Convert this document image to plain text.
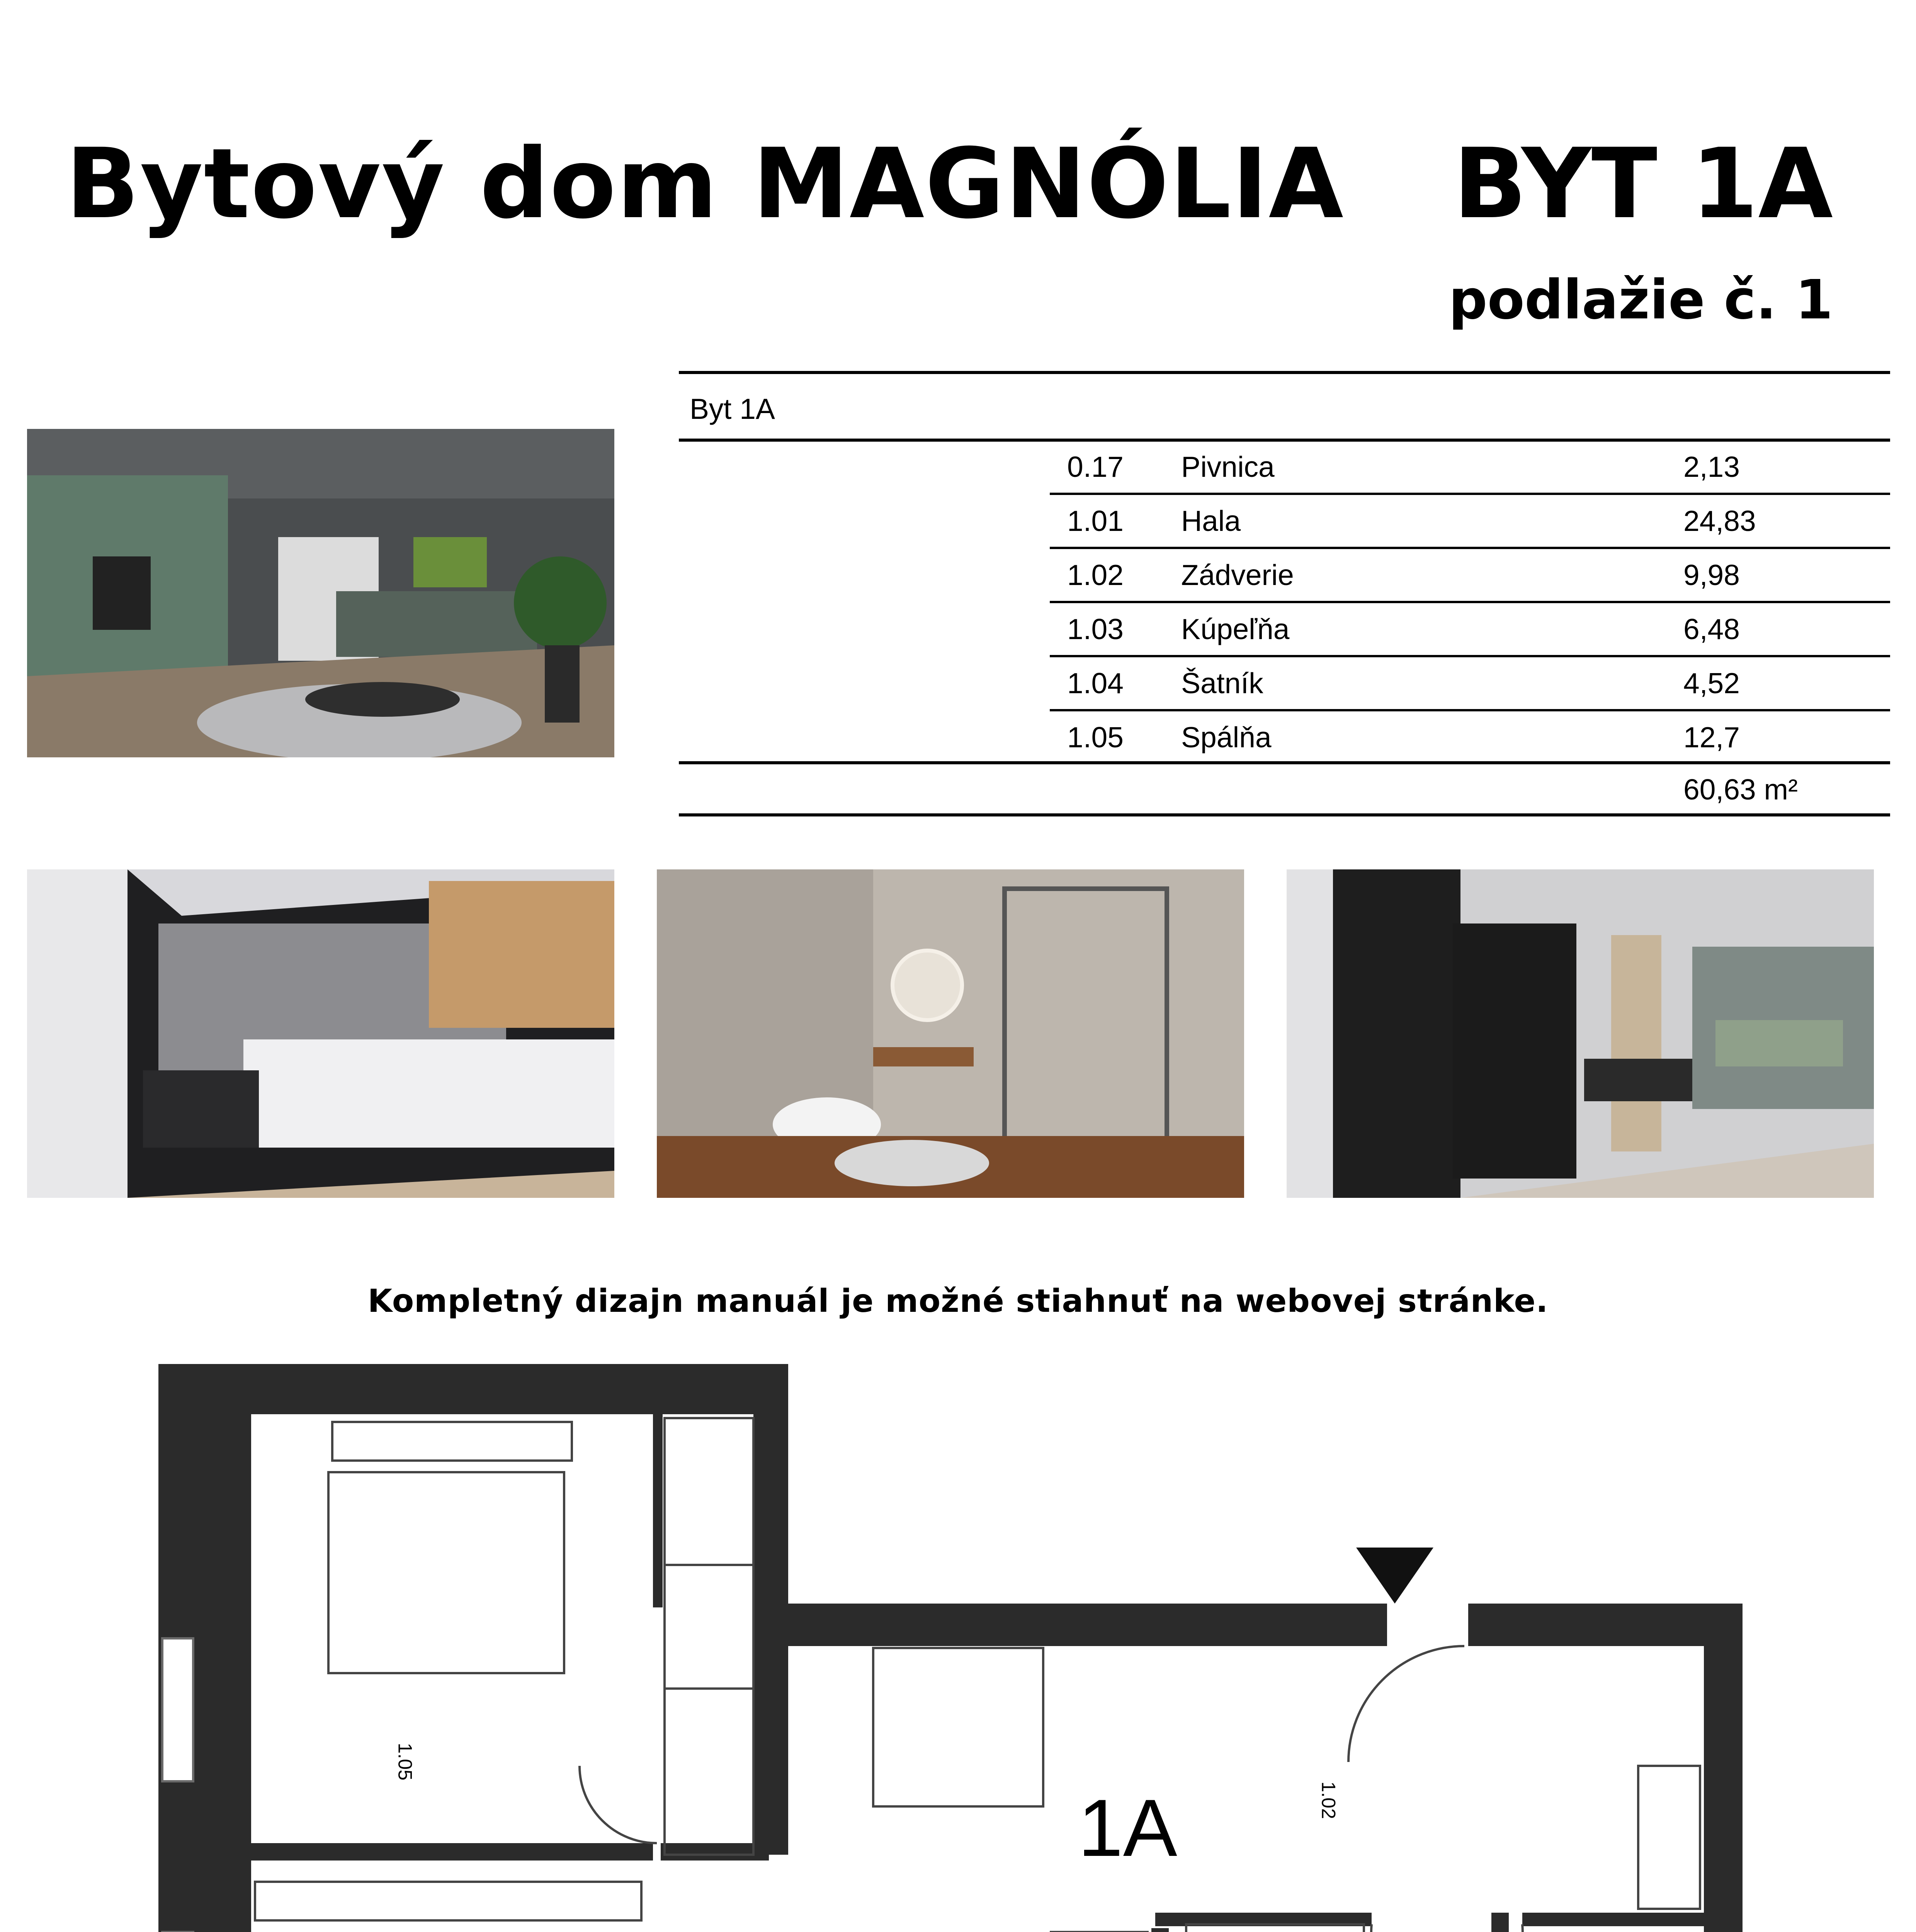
Bytový dom MAGNÓLIA BYT 1A
podlažie č. 1
Byt 1A
0.17 Pivnica	2,13
1.01 Hala	24,83
1.02 Zádverie	9,98
1.03 Kúpeľňa	6,48
1.04 Šatník	4,52
1.05 Spálňa	12,7
60,63 m²
Kompletný dizajn manuál je možné stiahnuť na webovej stránke.
1A
1.05
1.02
